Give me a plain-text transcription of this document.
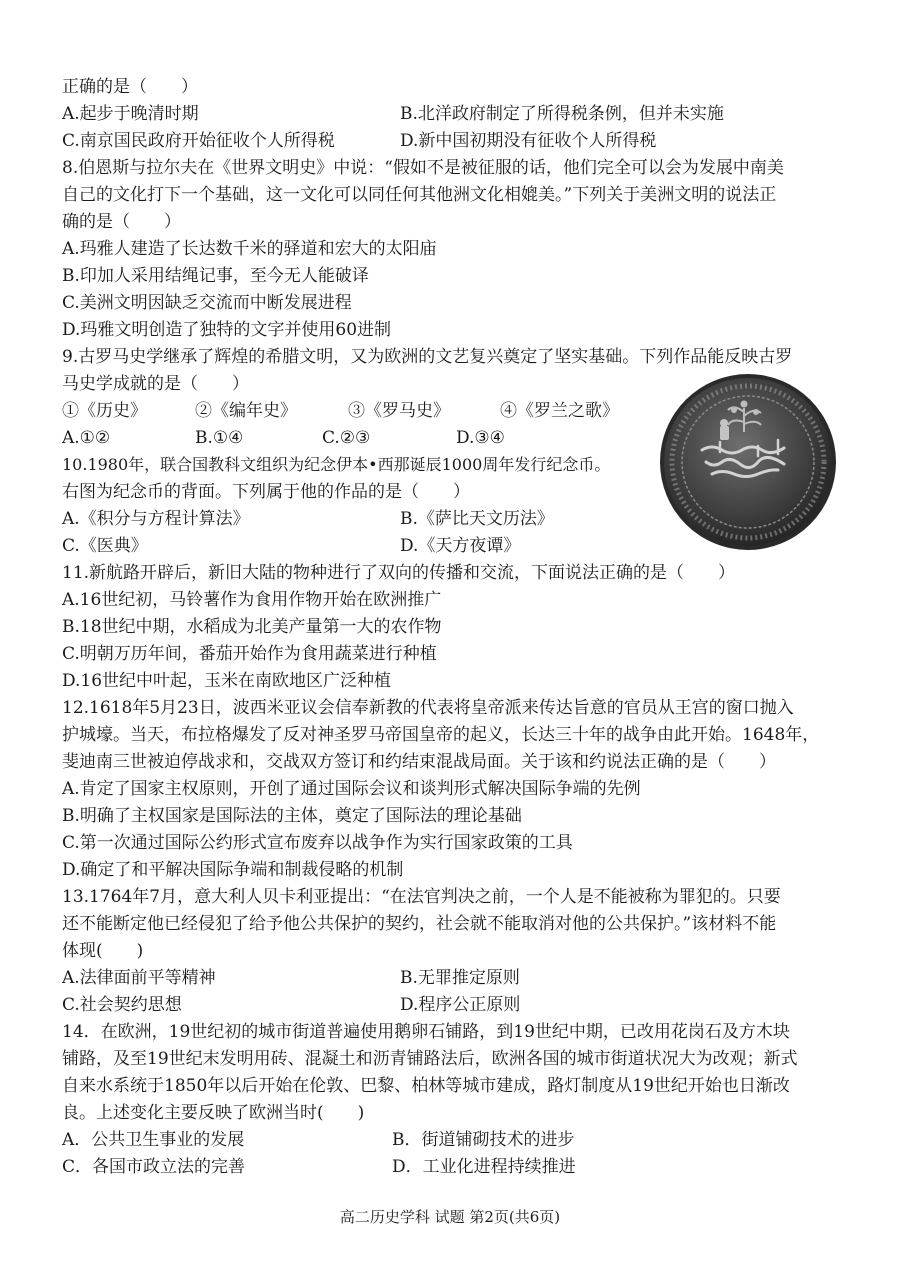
正确的是（　　）
A.起步于晚清时期	B.北洋政府制定了所得税条例，但并未实施
C.南京国民政府开始征收个人所得税	D.新中国初期没有征收个人所得税
8.伯恩斯与拉尔夫在《世界文明史》中说：“假如不是被征服的话，他们完全可以会为发展中南美
自己的文化打下一个基础，这一文化可以同任何其他洲文化相媲美。”下列关于美洲文明的说法正
确的是（　　）
A.玛雅人建造了长达数千米的驿道和宏大的太阳庙
B.印加人采用结绳记事，至今无人能破译
C.美洲文明因缺乏交流而中断发展进程
D.玛雅文明创造了独特的文字并使用60进制
9.古罗马史学继承了辉煌的希腊文明，又为欧洲的文艺复兴奠定了坚实基础。下列作品能反映古罗
马史学成就的是（　　）
①《历史》	②《编年史》	③《罗马史》	④《罗兰之歌》
A.①②	B.①④	C.②③	D.③④
10.1980年，联合国教科文组织为纪念伊本•西那诞辰1000周年发行纪念币。
右图为纪念币的背面。下列属于他的作品的是（　　）
A.《积分与方程计算法》	B.《萨比天文历法》
C.《医典》	D.《天方夜谭》
11.新航路开辟后，新旧大陆的物种进行了双向的传播和交流，下面说法正确的是（　　）
A.16世纪初，马铃薯作为食用作物开始在欧洲推广
B.18世纪中期，水稻成为北美产量第一大的农作物
C.明朝万历年间，番茄开始作为食用蔬菜进行种植
D.16世纪中叶起，玉米在南欧地区广泛种植
12.1618年5月23日，波西米亚议会信奉新教的代表将皇帝派来传达旨意的官员从王宫的窗口抛入
护城壕。当天，布拉格爆发了反对神圣罗马帝国皇帝的起义，长达三十年的战争由此开始。1648年，
斐迪南三世被迫停战求和，交战双方签订和约结束混战局面。关于该和约说法正确的是（　　）
A.肯定了国家主权原则，开创了通过国际会议和谈判形式解决国际争端的先例
B.明确了主权国家是国际法的主体，奠定了国际法的理论基础
C.第一次通过国际公约形式宣布废弃以战争作为实行国家政策的工具
D.确定了和平解决国际争端和制裁侵略的机制
13.1764年7月，意大利人贝卡利亚提出：“在法官判决之前，一个人是不能被称为罪犯的。只要
还不能断定他已经侵犯了给予他公共保护的契约，社会就不能取消对他的公共保护。”该材料不能
体现(　　)
A.法律面前平等精神	B.无罪推定原则
C.社会契约思想	D.程序公正原则
14．在欧洲，19世纪初的城市街道普遍使用鹅卵石铺路，到19世纪中期，已改用花岗石及方木块
铺路，及至19世纪末发明用砖、混凝土和沥青铺路法后，欧洲各国的城市街道状况大为改观；新式
自来水系统于1850年以后开始在伦敦、巴黎、柏林等城市建成，路灯制度从19世纪开始也日渐改
良。上述变化主要反映了欧洲当时(　　)
A．公共卫生事业的发展	B．街道铺砌技术的进步
C．各国市政立法的完善	D．工业化进程持续推进
高二历史学科 试题 第2页(共6页)
